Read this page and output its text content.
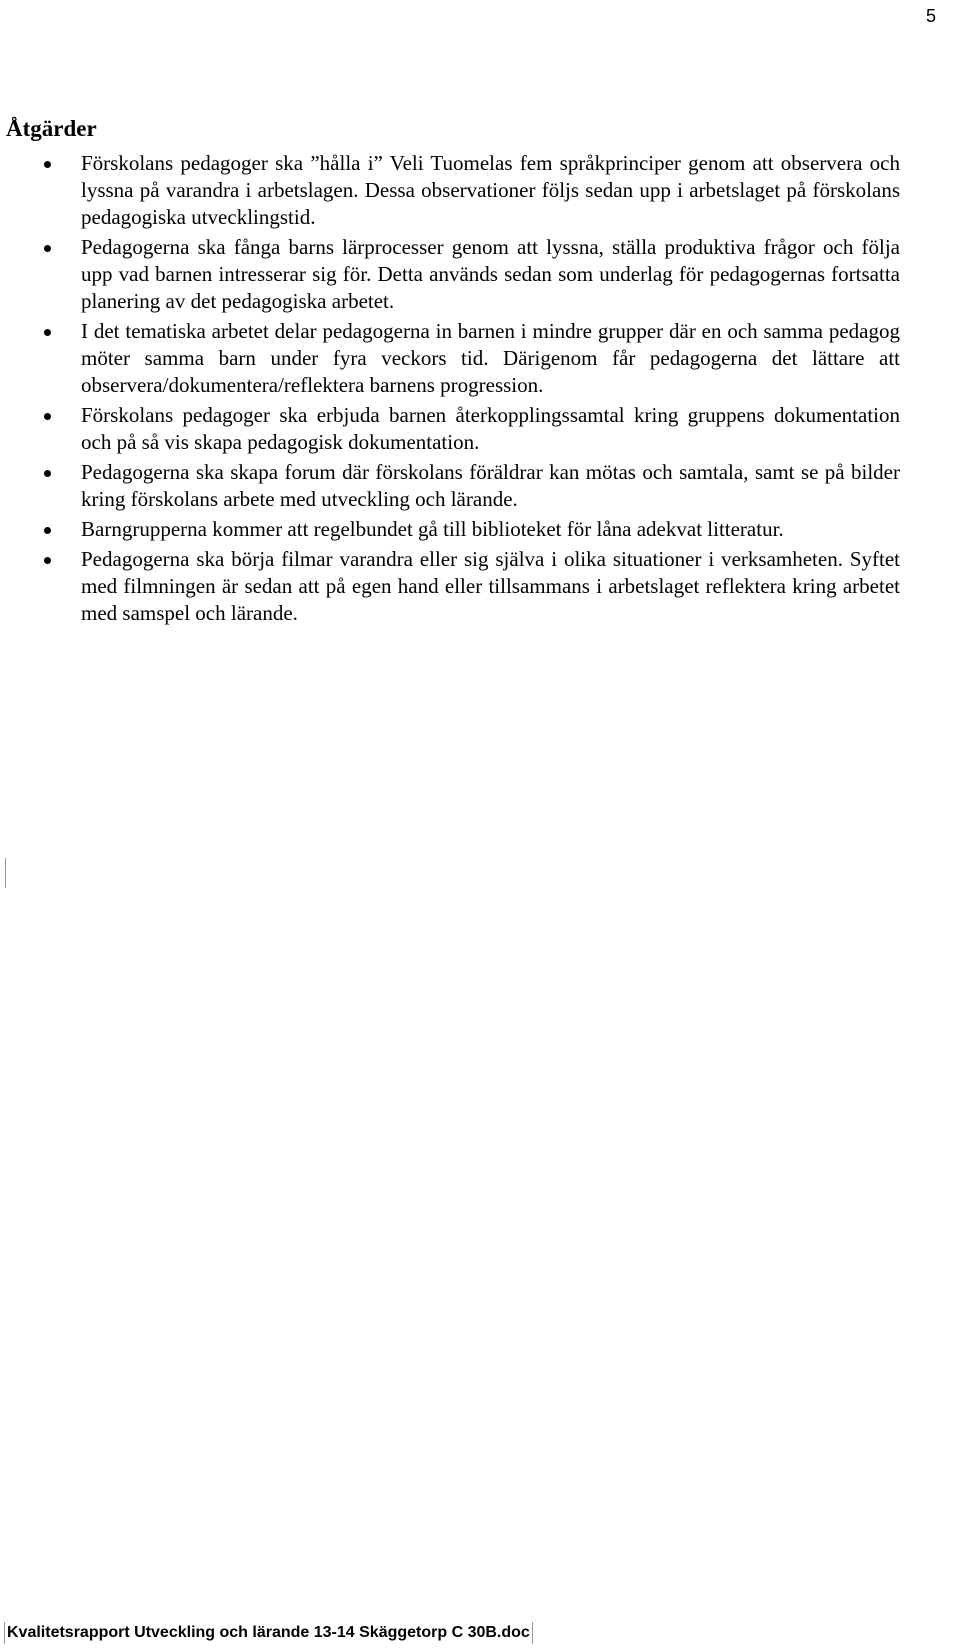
5
Åtgärder
Förskolans pedagoger ska ”hålla i” Veli Tuomelas fem språkprinciper genom att observera och lyssna på varandra i arbetslagen. Dessa observationer följs sedan upp i arbetslaget på förskolans pedagogiska utvecklingstid.
Pedagogerna ska fånga barns lärprocesser genom att lyssna, ställa produktiva frågor och följa upp vad barnen intresserar sig för. Detta används sedan som underlag för pedagogernas fortsatta planering av det pedagogiska arbetet.
I det tematiska arbetet delar pedagogerna in barnen i mindre grupper där en och samma pedagog möter samma barn under fyra veckors tid. Därigenom får pedagogerna det lättare att observera/dokumentera/reflektera barnens progression.
Förskolans pedagoger ska erbjuda barnen återkopplingssamtal kring gruppens dokumentation och på så vis skapa pedagogisk dokumentation.
Pedagogerna ska skapa forum där förskolans föräldrar kan mötas och samtala, samt se på bilder kring förskolans arbete med utveckling och lärande.
Barngrupperna kommer att regelbundet gå till biblioteket för låna adekvat litteratur.
Pedagogerna ska börja filmar varandra eller sig själva i olika situationer i verksamheten. Syftet med filmningen är sedan att på egen hand eller tillsammans i arbetslaget reflektera kring arbetet med samspel och lärande.
Kvalitetsrapport Utveckling och lärande 13-14 Skäggetorp C 30B.doc
